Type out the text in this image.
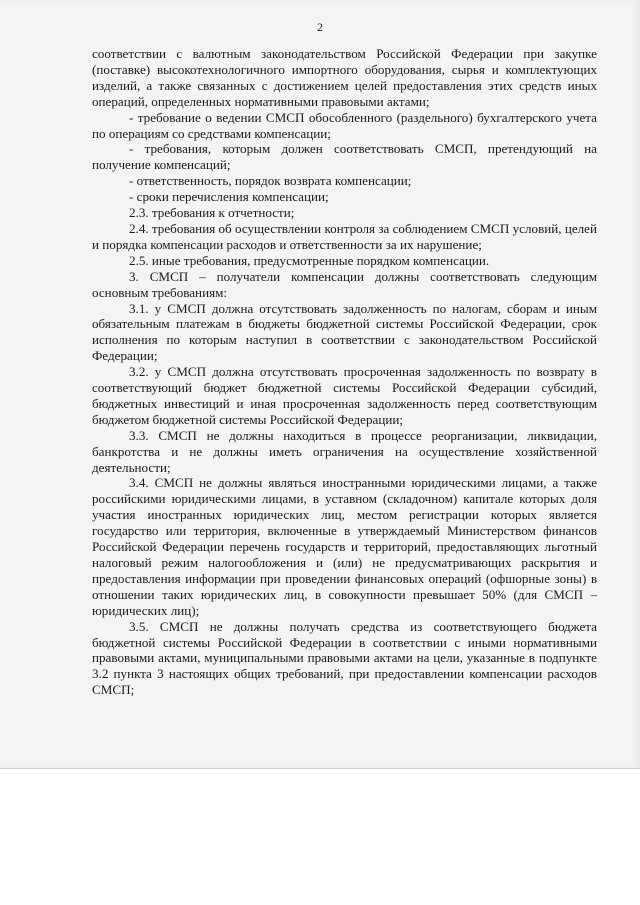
2

соответствии с валютным законодательством Российской Федерации при закупке (поставке) высокотехнологичного импортного оборудования, сырья и комплектующих изделий, а также связанных с достижением целей предоставления этих средств иных операций, определенных нормативными правовыми актами;

- требование о ведении СМСП обособленного (раздельного) бухгалтерского учета по операциям со средствами компенсации;

- требования, которым должен соответствовать СМСП, претендующий на получение компенсаций;

- ответственность, порядок возврата компенсации;

- сроки перечисления компенсации;

2.3. требования к отчетности;

2.4. требования об осуществлении контроля за соблюдением СМСП условий, целей и порядка компенсации расходов и ответственности за их нарушение;

2.5. иные требования, предусмотренные порядком компенсации.

3. СМСП – получатели компенсации должны соответствовать следующим основным требованиям:

3.1. у СМСП должна отсутствовать задолженность по налогам, сборам и иным обязательным платежам в бюджеты бюджетной системы Российской Федерации, срок исполнения по которым наступил в соответствии с законодательством Российской Федерации;

3.2. у СМСП должна отсутствовать просроченная задолженность по возврату в соответствующий бюджет бюджетной системы Российской Федерации субсидий, бюджетных инвестиций и иная просроченная задолженность перед соответствующим бюджетом бюджетной системы Российской Федерации;

3.3. СМСП не должны находиться в процессе реорганизации, ликвидации, банкротства и не должны иметь ограничения на осуществление хозяйственной деятельности;

3.4. СМСП не должны являться иностранными юридическими лицами, а также российскими юридическими лицами, в уставном (складочном) капитале которых доля участия иностранных юридических лиц, местом регистрации которых является государство или территория, включенные в утверждаемый Министерством финансов Российской Федерации перечень государств и территорий, предоставляющих льготный налоговый режим налогообложения и (или) не предусматривающих раскрытия и предоставления информации при проведении финансовых операций (офшорные зоны) в отношении таких юридических лиц, в совокупности превышает 50% (для СМСП – юридических лиц);

3.5. СМСП не должны получать средства из соответствующего бюджета бюджетной системы Российской Федерации в соответствии с иными нормативными правовыми актами, муниципальными правовыми актами на цели, указанные в подпункте 3.2 пункта 3 настоящих общих требований, при предоставлении компенсации расходов СМСП;
